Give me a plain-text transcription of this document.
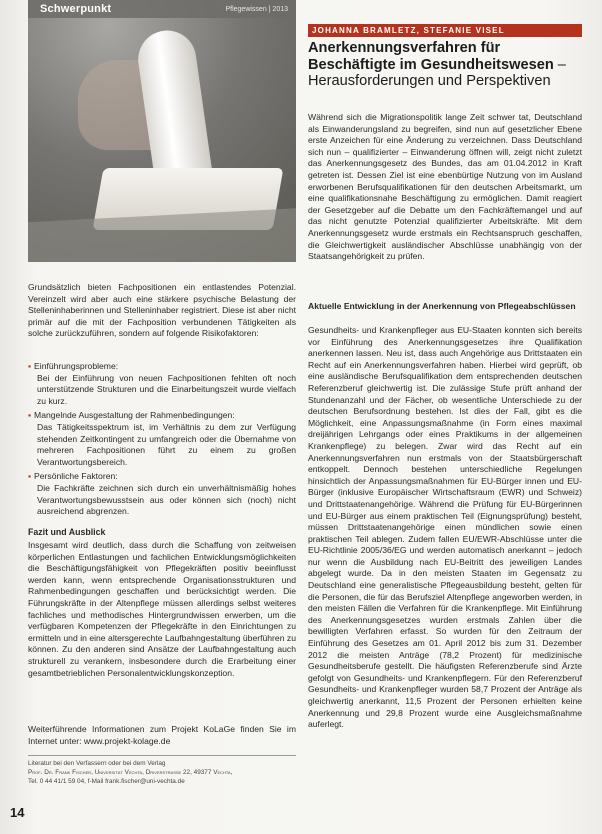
Schwerpunkt	Pflegewissen | 2013

Grundsätzlich bieten Fachpositionen ein entlastendes Potenzial. Vereinzelt wird aber auch eine stärkere psychische Belastung der Stelleninhaberinnen und Stelleninhaber registriert. Diese ist aber nicht primär auf die mit der Fachposition verbundenen Tätigkeiten als solche zurückzuführen, sondern auf folgende Risikofaktoren:

▪ Einführungsprobleme:
Bei der Einführung von neuen Fachpositionen fehlten oft noch unterstützende Strukturen und die Einarbeitungszeit wurde vielfach zu kurz.
▪ Mangelnde Ausgestaltung der Rahmenbedingungen:
Das Tätigkeitsspektrum ist, im Verhältnis zu dem zur Verfügung stehenden Zeitkontingent zu umfangreich oder die Übernahme von mehreren Fachpositionen führt zu einem zu großen Verantwortungsbereich.
▪ Persönliche Faktoren:
Die Fachkräfte zeichnen sich durch ein unverhältnismäßig hohes Verantwortungsbewusstsein aus oder können sich (noch) nicht ausreichend abgrenzen.
Fazit und Ausblick

Insgesamt wird deutlich, dass durch die Schaffung von zeitweisen körperlichen Entlastungen und fachlichen Entwicklungsmöglichkeiten die Beschäftigungsfähigkeit von Pflegekräften positiv beeinflusst werden kann, wenn entsprechende Organisationsstrukturen und Rahmenbedingungen geschaffen und berücksichtigt werden. Die Führungskräfte in der Altenpflege müssen allerdings selbst weiteres fachliches und methodisches Hintergrundwissen erwerben, um die verfügbaren Kompetenzen der Pflegekräfte in den Einrichtungen zu ermitteln und in eine altersgerechte Laufbahngestaltung überführen zu können. Zu den anderen sind Ansätze der Laufbahngestaltung auch strukturell zu verankern, insbesondere durch die Erarbeitung einer gesamtbetrieblichen Personalentwicklungskonzeption.

Weiterführende Informationen zum Projekt KoLaGe finden Sie im Internet unter: www.projekt-kolage.de

Literatur bei den Verfassern oder bei dem Verlag
Prof. Dr. Frank Fischer, Universität Vechta, Driverstraße 22, 49377 Vechta,
Tel. 0 44 41/1 59 04, f-Mail frank.fischer@uni-vechta.de
14
JOHANNA BRAMLETZ, STEFANIE VISEL
Anerkennungsverfahren für Beschäftigte im Gesundheitswesen – Herausforderungen und Perspektiven

Während sich die Migrationspolitik lange Zeit schwer tat, Deutschland als Einwanderungsland zu begreifen, sind nun auf gesetzlicher Ebene erste Anzeichen für eine Änderung zu verzeichnen. Dass Deutschland sich nun – qualifizierter – Einwanderung öffnen will, zeigt nicht zuletzt das Anerkennungsgesetz des Bundes, das am 01.04.2012 in Kraft getreten ist. Dessen Ziel ist eine ebenbürtige Nutzung von im Ausland erworbenen Berufsqualifikationen für den deutschen Arbeitsmarkt, um eine qualifikationsnahe Beschäftigung zu ermöglichen. Damit reagiert der Gesetzgeber auf die Debatte um den Fachkräftemangel und auf das nicht genutzte Potenzial qualifizierter Arbeitskräfte. Mit dem Anerkennungsgesetz wurde erstmals ein Rechtsanspruch geschaffen, die Gleichwertigkeit ausländischer Abschlüsse unabhängig von der Staatsangehörigkeit zu prüfen.

Aktuelle Entwicklung in der Anerkennung von Pflegeabschlüssen

Gesundheits- und Krankenpfleger aus EU-Staaten konnten sich bereits vor Einführung des Anerkennungsgesetzes ihre Qualifikation anerkennen lassen. Neu ist, dass auch Angehörige aus Drittstaaten ein Recht auf ein Anerkennungsverfahren haben. Hierbei wird geprüft, ob eine ausländische Berufsqualifikation dem entsprechenden deutschen Referenzberuf gleichwertig ist. Die zulässige Stufe prüft anhand der Stundenanzahl und der Fächer, ob wesentliche Unterschiede zu der deutschen Berufsordnung bestehen. Ist dies der Fall, gibt es die Möglichkeit, eine Anpassungsmaßnahme (in Form eines maximal dreijährigen Lehrgangs oder eines Praktikums in der allgemeinen Krankenpflege) zu belegen. Zwar wird das Recht auf ein Anerkennungsverfahren nun erstmals von der Staatsbürgerschaft entkoppelt. Dennoch bestehen unterschiedliche Regelungen hinsichtlich der Anpassungsmaßnahmen für EU-Bürger innen und EU-Bürger (inklusive Europäischer Wirtschaftsraum (EWR) und Schweiz) und Drittstaatenangehörige. Während die Prüfung für EU-Bürgerinnen und EU-Bürger aus einem praktischen Teil (Eignungsprüfung) besteht, müssen Drittstaatenangehörige einen mündlichen sowie einen praktischen Teil ablegen. Zudem fallen EU/EWR-Abschlüsse unter die EU-Richtlinie 2005/36/EG und werden automatisch anerkannt – jedoch nur wenn die Ausbildung nach EU-Beitritt des jeweiligen Landes abgelegt wurde. Da in den meisten Staaten im Gegensatz zu Deutschland eine generalistische Pflegeausbildung besteht, gelten für die Personen, die für das Berufsziel Altenpflege angeworben werden, in den meisten Fällen die Verfahren für die Krankenpflege. Mit Einführung des Anerkennungsgesetzes wurden erstmals Zahlen über die bewilligten Verfahren erfasst. So wurden für den Zeitraum der Einführung des Gesetzes am 01. April 2012 bis zum 31. Dezember 2012 die meisten Anträge (78,2 Prozent) für medizinische Gesundheitsberufe gestellt. Die häufigsten Referenzberufe sind Ärzte gefolgt von Gesundheits- und Krankenpflegern. Für den Referenzberuf Gesundheits- und Krankenpfleger wurden 58,7 Prozent der Anträge als gleichwertig anerkannt, 11,5 Prozent der Personen erhielten keine Anerkennung und 29,8 Prozent wurde eine Ausgleichsmaßnahme auferlegt.
